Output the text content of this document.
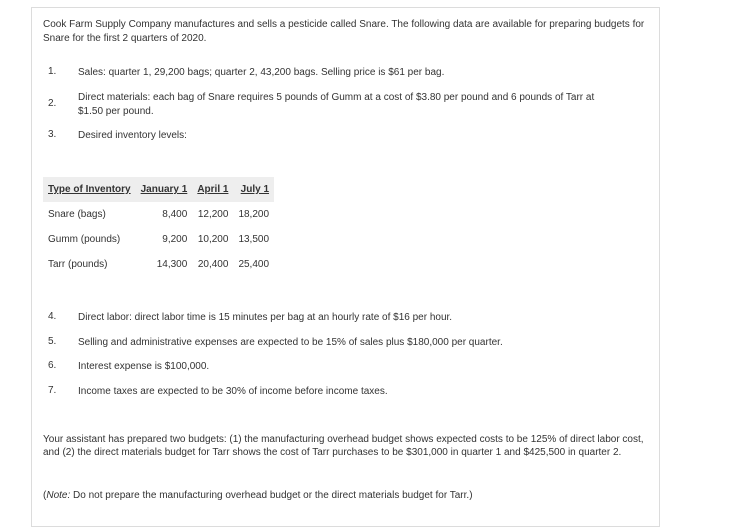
Cook Farm Supply Company manufactures and sells a pesticide called Snare. The following data are available for preparing budgets for Snare for the first 2 quarters of 2020.

1.	Sales: quarter 1, 29,200 bags; quarter 2, 43,200 bags. Selling price is $61 per bag.
2.
Direct materials: each bag of Snare requires 5 pounds of Gumm at a cost of $3.80 per pound and 6 pounds of Tarr at $1.50 per pound.
3.	Desired inventory levels:
Type of Inventory	January 1	April 1	July 1
Snare (bags)	8,400	12,200	18,200
Gumm (pounds)	9,200	10,200	13,500
Tarr (pounds)	14,300	20,400	25,400
4.	Direct labor: direct labor time is 15 minutes per bag at an hourly rate of $16 per hour.
5.	Selling and administrative expenses are expected to be 15% of sales plus $180,000 per quarter.
6.	Interest expense is $100,000.
7.	Income taxes are expected to be 30% of income before income taxes.

Your assistant has prepared two budgets: (1) the manufacturing overhead budget shows expected costs to be 125% of direct labor cost, and (2) the direct materials budget for Tarr shows the cost of Tarr purchases to be $301,000 in quarter 1 and $425,500 in quarter 2.

(Note: Do not prepare the manufacturing overhead budget or the direct materials budget for Tarr.)
